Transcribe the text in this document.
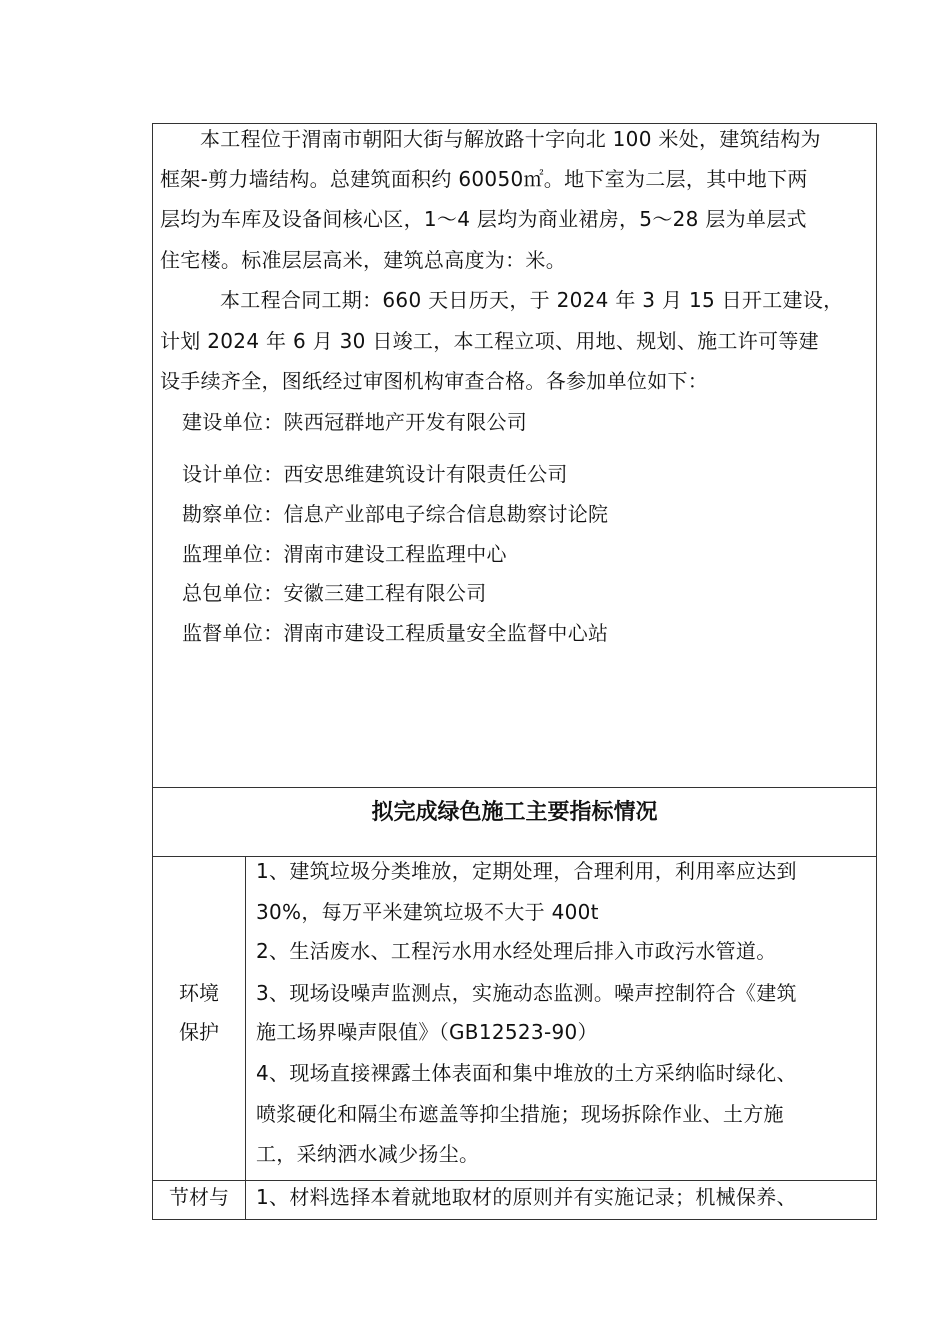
本工程位于渭南市朝阳大街与解放路十字向北 100 米处，建筑结构为
框架-剪力墙结构。总建筑面积约 60050㎡。地下室为二层，其中地下两
层均为车库及设备间核心区，1～4 层均为商业裙房，5～28 层为单层式
住宅楼。标准层层高米，建筑总高度为：米。
本工程合同工期：660 天日历天，于 2024 年 3 月 15 日开工建设，
计划 2024 年 6 月 30 日竣工，本工程立项、用地、规划、施工许可等建
设手续齐全，图纸经过审图机构审查合格。各参加单位如下：
建设单位：陕西冠群地产开发有限公司
设计单位：西安思维建筑设计有限责任公司
勘察单位：信息产业部电子综合信息勘察讨论院
监理单位：渭南市建设工程监理中心
总包单位：安徽三建工程有限公司
监督单位：渭南市建设工程质量安全监督中心站
拟完成绿色施工主要指标情况
环境
保护
1、建筑垃圾分类堆放，定期处理，合理利用，利用率应达到
30%，每万平米建筑垃圾不大于 400t
2、生活废水、工程污水用水经处理后排入市政污水管道。
3、现场设噪声监测点，实施动态监测。噪声控制符合《建筑
施工场界噪声限值》（GB12523-90）
4、现场直接裸露土体表面和集中堆放的土方采纳临时绿化、
喷浆硬化和隔尘布遮盖等抑尘措施；现场拆除作业、土方施
工，采纳洒水减少扬尘。
节材与	1、材料选择本着就地取材的原则并有实施记录；机械保养、
